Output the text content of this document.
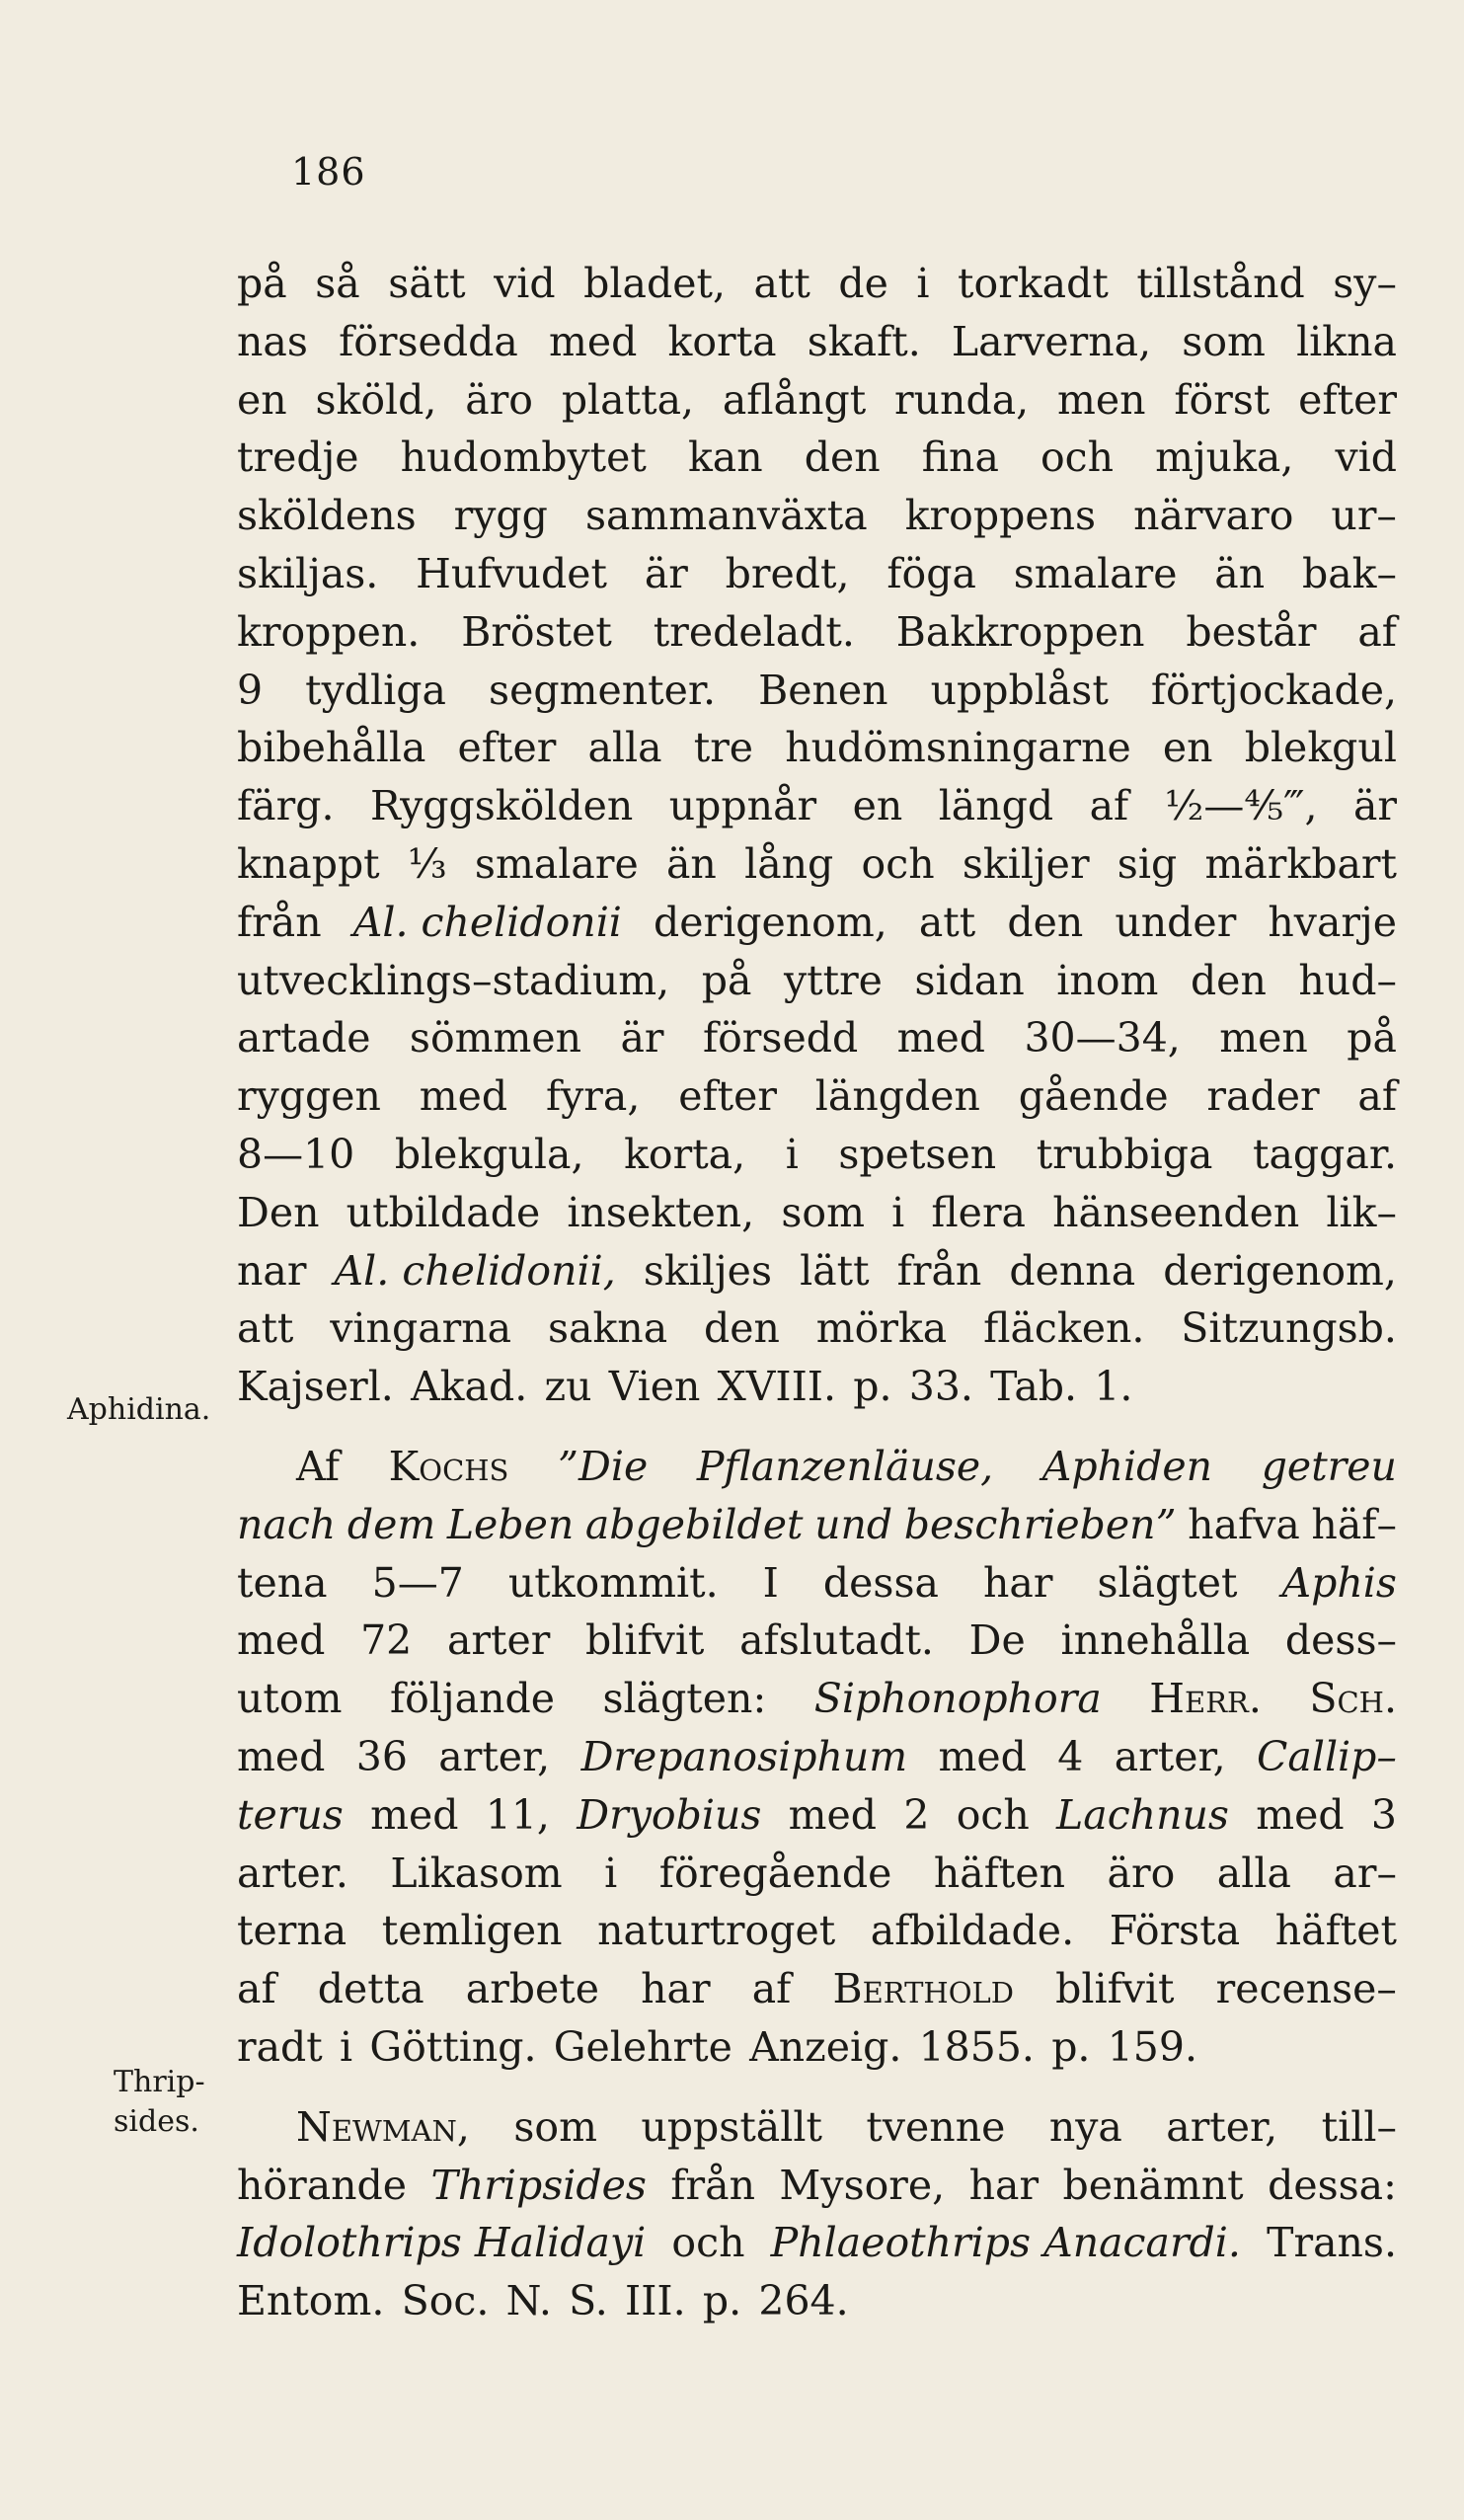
186
Aphidina.
Thrip-
sides.
på så sätt vid bladet, att de i torkadt tillstånd sy–
nas försedda med korta skaft. Larverna, som likna
en sköld, äro platta, aflångt runda, men först efter
tredje hudombytet kan den fina och mjuka, vid
sköldens rygg sammanväxta kroppens närvaro ur–
skiljas. Hufvudet är bredt, föga smalare än bak–
kroppen. Bröstet tredeladt. Bakkroppen består af
9 tydliga segmenter. Benen uppblåst förtjockade,
bibehålla efter alla tre hudömsningarne en blekgul
färg. Ryggskölden uppnår en längd af ½—⅘‴, är
knappt ⅓ smalare än lång och skiljer sig märkbart
från Al. chelidonii derigenom, att den under hvarje
utvecklings–stadium, på yttre sidan inom den hud–
artade sömmen är försedd med 30—34, men på
ryggen med fyra, efter längden gående rader af
8—10 blekgula, korta, i spetsen trubbiga taggar.
Den utbildade insekten, som i flera hänseenden lik–
nar Al. chelidonii, skiljes lätt från denna derigenom,
att vingarna sakna den mörka fläcken. Sitzungsb.
Kajserl. Akad. zu Vien XVIII. p. 33. Tab. 1.
Af Kochs ”Die Pflanzenläuse, Aphiden getreu
nach dem Leben abgebildet und beschrieben” hafva häf–
tena 5—7 utkommit. I dessa har slägtet Aphis
med 72 arter blifvit afslutadt. De innehålla dess–
utom följande slägten: Siphonophora Herr. Sch.
med 36 arter, Drepanosiphum med 4 arter, Callip–
terus med 11, Dryobius med 2 och Lachnus med 3
arter. Likasom i föregående häften äro alla ar–
terna temligen naturtroget afbildade. Första häftet
af detta arbete har af Berthold blifvit recense–
radt i Götting. Gelehrte Anzeig. 1855. p. 159.
Newman, som uppställt tvenne nya arter, till–
hörande Thripsides från Mysore, har benämnt dessa:
Idolothrips Halidayi och Phlaeothrips Anacardi. Trans.
Entom. Soc. N. S. III. p. 264.
